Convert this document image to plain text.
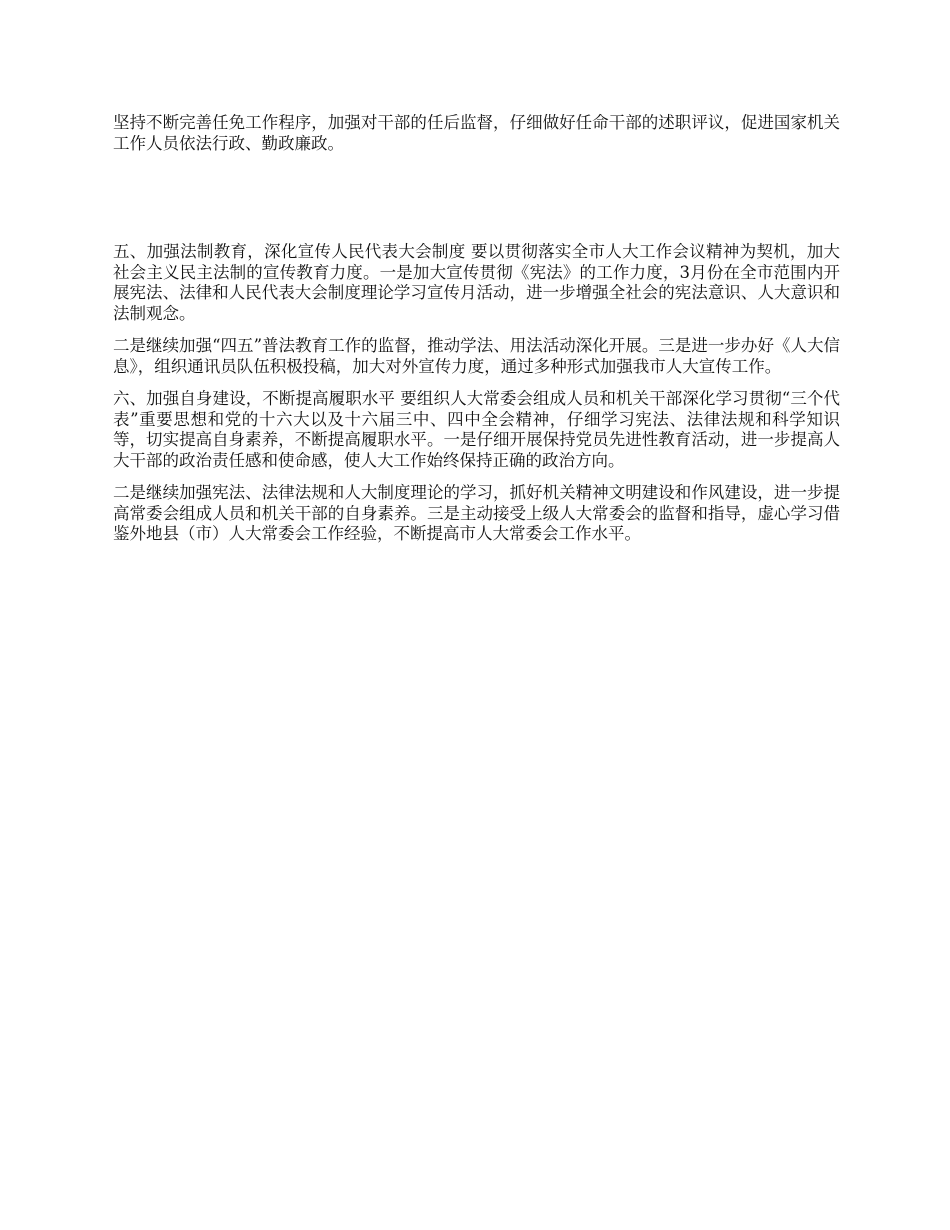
坚持不断完善任免工作程序，加强对干部的任后监督，仔细做好任命干部的述职评议，促进国家机关工作人员依法行政、勤政廉政。

五、加强法制教育，深化宣传人民代表大会制度 要以贯彻落实全市人大工作会议精神为契机，加大社会主义民主法制的宣传教育力度。一是加大宣传贯彻《宪法》的工作力度，3月份在全市范围内开展宪法、法律和人民代表大会制度理论学习宣传月活动，进一步增强全社会的宪法意识、人大意识和法制观念。

二是继续加强“四五”普法教育工作的监督，推动学法、用法活动深化开展。三是进一步办好《人大信息》，组织通讯员队伍积极投稿，加大对外宣传力度，通过多种形式加强我市人大宣传工作。

六、加强自身建设，不断提高履职水平 要组织人大常委会组成人员和机关干部深化学习贯彻“三个代表”重要思想和党的十六大以及十六届三中、四中全会精神，仔细学习宪法、法律法规和科学知识等，切实提高自身素养，不断提高履职水平。一是仔细开展保持党员先进性教育活动，进一步提高人大干部的政治责任感和使命感，使人大工作始终保持正确的政治方向。

二是继续加强宪法、法律法规和人大制度理论的学习，抓好机关精神文明建设和作风建设，进一步提高常委会组成人员和机关干部的自身素养。三是主动接受上级人大常委会的监督和指导，虚心学习借鉴外地县（市）人大常委会工作经验，不断提高市人大常委会工作水平。
